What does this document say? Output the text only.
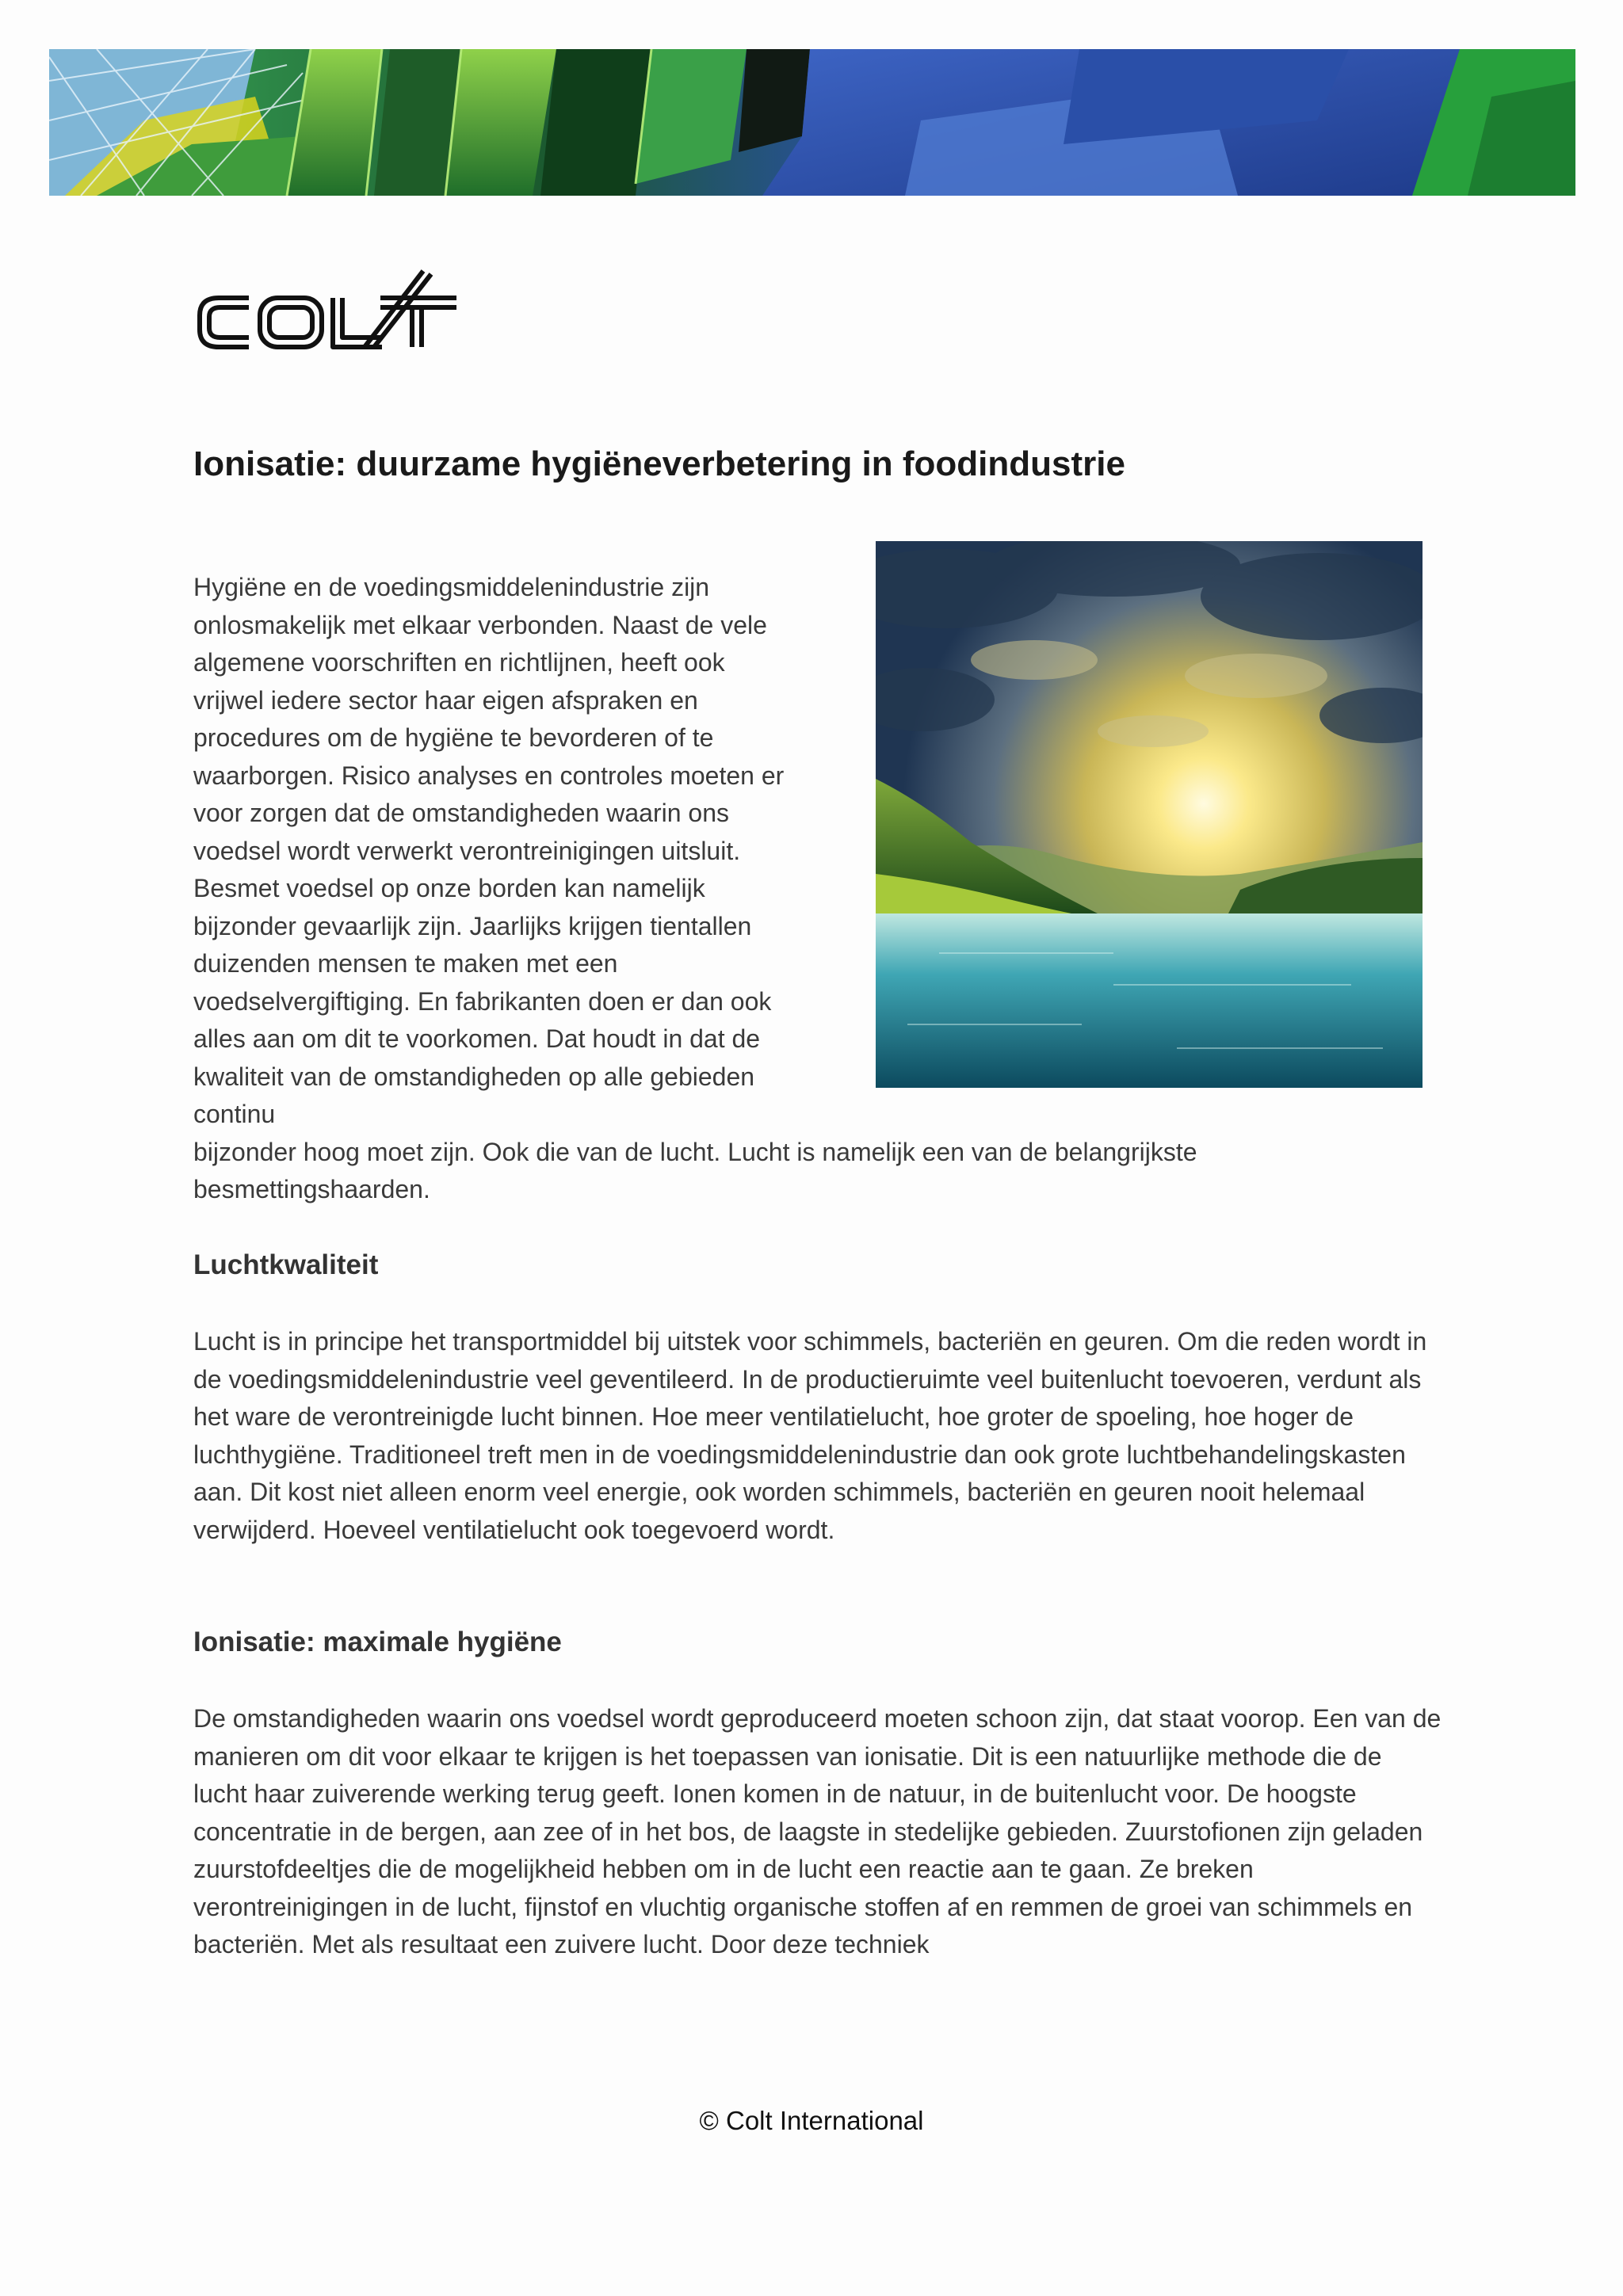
Ionisatie: duurzame hygiëneverbetering in foodindustrie

Hygiëne en de voedingsmiddelenindustrie zijn onlosmakelijk met elkaar verbonden. Naast de vele algemene voorschriften en richtlijnen, heeft ook vrijwel iedere sector haar eigen afspraken en procedures om de hygiëne te bevorderen of te waarborgen. Risico analyses en controles moeten er voor zorgen dat de omstandigheden waarin ons voedsel wordt verwerkt verontreinigingen uitsluit. Besmet voedsel op onze borden kan namelijk bijzonder gevaarlijk zijn. Jaarlijks krijgen tientallen duizenden mensen te maken met een voedselvergiftiging. En fabrikanten doen er dan ook alles aan om dit te voorkomen. Dat houdt in dat de kwaliteit van de omstandigheden op alle gebieden continu
bijzonder hoog moet zijn. Ook die van de lucht. Lucht is namelijk een van de belangrijkste besmettingshaarden.

Luchtkwaliteit

Lucht is in principe het transportmiddel bij uitstek voor schimmels, bacteriën en geuren. Om die reden wordt in de voedingsmiddelenindustrie veel geventileerd. In de productieruimte veel buitenlucht toevoeren, verdunt als het ware de verontreinigde lucht binnen. Hoe meer ventilatielucht, hoe groter de spoeling, hoe hoger de luchthygiëne. Traditioneel treft men in de voedingsmiddelenindustrie dan ook grote luchtbehandelingskasten aan. Dit kost niet alleen enorm veel energie, ook worden schimmels, bacteriën en geuren nooit helemaal verwijderd. Hoeveel ventilatielucht ook toegevoerd wordt.

Ionisatie: maximale hygiëne

De omstandigheden waarin ons voedsel wordt geproduceerd moeten schoon zijn, dat staat voorop. Een van de manieren om dit voor elkaar te krijgen is het toepassen van ionisatie. Dit is een natuurlijke methode die de lucht haar zuiverende werking terug geeft. Ionen komen in de natuur, in de buitenlucht voor. De hoogste concentratie in de bergen, aan zee of in het bos, de laagste in stedelijke gebieden. Zuurstofionen zijn geladen zuurstofdeeltjes die de mogelijkheid hebben om in de lucht een reactie aan te gaan. Ze breken verontreinigingen in de lucht, fijnstof en vluchtig organische stoffen af en remmen de groei van schimmels en bacteriën. Met als resultaat een zuivere lucht. Door deze techniek

© Colt International
